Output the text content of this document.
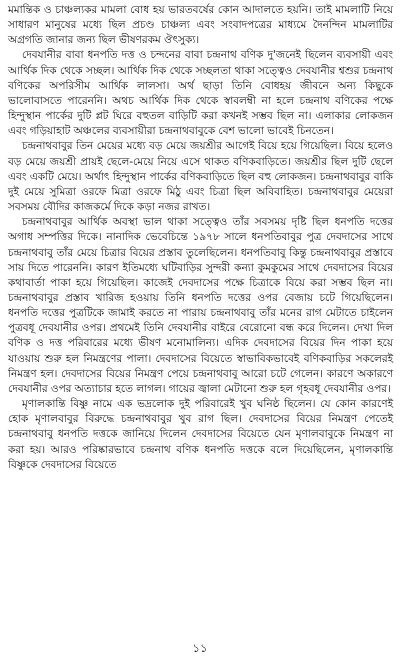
মমান্তিক ও চাঞ্চল্যকর মামলা বোধ হয় ভারতবর্ষের কোন আদালতে হয়নি। তাই মামলাটি নিয়ে সাধারণ মানুষের মধ্যে ছিল প্রচণ্ড চাঞ্চল্য এবং সংবাদপত্রের মাধ্যমে দৈনন্দিন মামলাটির অগ্রগতি জানার জন্য ছিল ভীষণরকম ঔৎসুক্য।

দেবযানীর বাবা ধনপতি দত্ত ও চন্দনের বাবা চন্দ্রনাথ বণিক দু'জনেই ছিলেন ব্যবসায়ী এবং আর্থিক দিক থেকে সচ্ছল। আর্থিক দিক থেকে সচ্ছলতা থাকা সত্ত্বেও দেবযানীর শ্বশুর চন্দ্রনাথ বণিকের অপরিসীম আর্থিক লালসা। অর্থ ছাড়া তিনি বোধহয় জীবনে অন্য কিছুকে ভালোবাসতে পারেননি। অথচ আর্থিক দিক থেকে স্বাবলম্বী না হলে চন্দ্রনাথ বণিকের পক্ষে হিন্দুস্থান পার্কের দুটি প্লট ঘিরে বহুতল বাড়িটি করা কখনই সম্ভব ছিল না। এলাকার লোকজন এবং গড়িয়াহাট অঞ্চলের ব্যবসায়ীরা চন্দ্রনাথবাবুকে বেশ ভালো ভাবেই চিনতেন।

চন্দ্রনাথবাবুর তিন মেয়ের মধ্যে বড় মেয়ে জয়শ্রীর আগেই বিয়ে হয়ে গিয়েছিল। বিয়ে হলেও বড় মেয়ে জয়শ্রী প্রায়ই ছেলে-মেয়ে নিয়ে এসে থাকত বণিকবাড়িতে। জয়শ্রীর ছিল দুটি ছেলে এবং একটি মেয়ে। অর্থাৎ হিন্দুস্থান পার্কের বণিকবাড়িতে ছিল বহু লোকজন। চন্দ্রনাথবাবুর বাকি দুই মেয়ে সুমিত্রা ওরফে মিত্রা ওরফে মিঠু এবং চিত্রা ছিল অবিবাহিত। চন্দ্রনাথবাবুর মেয়েরা সবসময় বৌদির কাজকর্মে দিকে কড়া নজর রাখত।

চন্দ্রনাথবাবুর আর্থিক অবস্থা ভাল থাকা সত্ত্বেও তাঁর সবসময় দৃষ্টি ছিল ধনপতি দত্তের অগাধ সম্পত্তির দিকে। নানাদিক ভেবেচিন্তে ১৯৭৮ সালে ধনপতিবাবুর পুত্র দেবদাসের সাথে চন্দ্রনাথবাবু তাঁর মেয়ে চিত্রার বিয়ের প্রস্তাব তুলেছিলেন। ধনপতিবাবু কিন্তু চন্দ্রনাথবাবুর প্রস্তাবে সায় দিতে পারেননি। কারণ ইতিমধ্যে ঘটিবাড়ির সুন্দরী কন্যা কুমকুমের সাথে দেবদাসের বিয়ের কথাবার্তা পাকা হয়ে গিয়েছিল। কাজেই দেবদাসের পক্ষে চিত্রাকে বিয়ে করা সম্ভব ছিল না। চন্দ্রনাথবাবুর প্রস্তাব খারিজ হওয়ায় তিনি ধনপতি দত্তের ওপর বেজায় চটে গিয়েছিলেন। ধনপতি দত্তের পুত্রটিকে জামাই করতে না পারায় চন্দ্রনাথবাবু তাঁর মনের রাগ মেটাতে চাইলেন পুত্রবধূ দেবযানীর ওপর। প্রথমেই তিনি দেবযানীর বাইরে বেরোনো বন্ধ করে দিলেন। দেখা দিল বণিক ও দত্ত পরিবারের মধ্যে ভীষণ মনোমালিন্য। এদিক দেবদাসের বিয়ের দিন পাকা হয়ে যাওয়ায় শুরু হল নিমন্ত্রণের পালা। দেবদাসের বিয়েতে স্বাভাবিকভাবেই বণিকবাড়ির সকলেরই নিমন্ত্রণ হল। দেবদাসের বিয়ের নিমন্ত্রণ পেয়ে চন্দ্রনাথবাবু আরো চটে গেলেন। কারণে অকারণে দেবযানীর ওপর অত্যাচার হতে লাগল। গায়ের জ্বালা মেটানো শুরু হল গৃহবধূ দেবযানীর ওপর।

মৃণালকান্তি বিষ্ণু নামে এক ভদ্রলোক দুই পরিবারেই খুব ঘনিষ্ঠ ছিলেন। যে কোন কারণেই হোক মৃণালবাবুর বিরুদ্ধে চন্দ্রনাথবাবুর খুব রাগ ছিল। দেবদাসের বিয়ের নিমন্ত্রণ পেতেই চন্দ্রনাথবাবু ধনপতি দত্তকে জানিয়ে দিলেন দেবদাসের বিয়েতে যেন মৃণালবাবুকে নিমন্ত্রণ না করা হয়। আরও পরিষ্কারভাবে চন্দ্রনাথ বণিক ধনপতি দত্তকে বলে দিয়েছিলেন, মৃণালকান্তি বিষ্ণুকে দেবদাসের বিয়েতে

১১
